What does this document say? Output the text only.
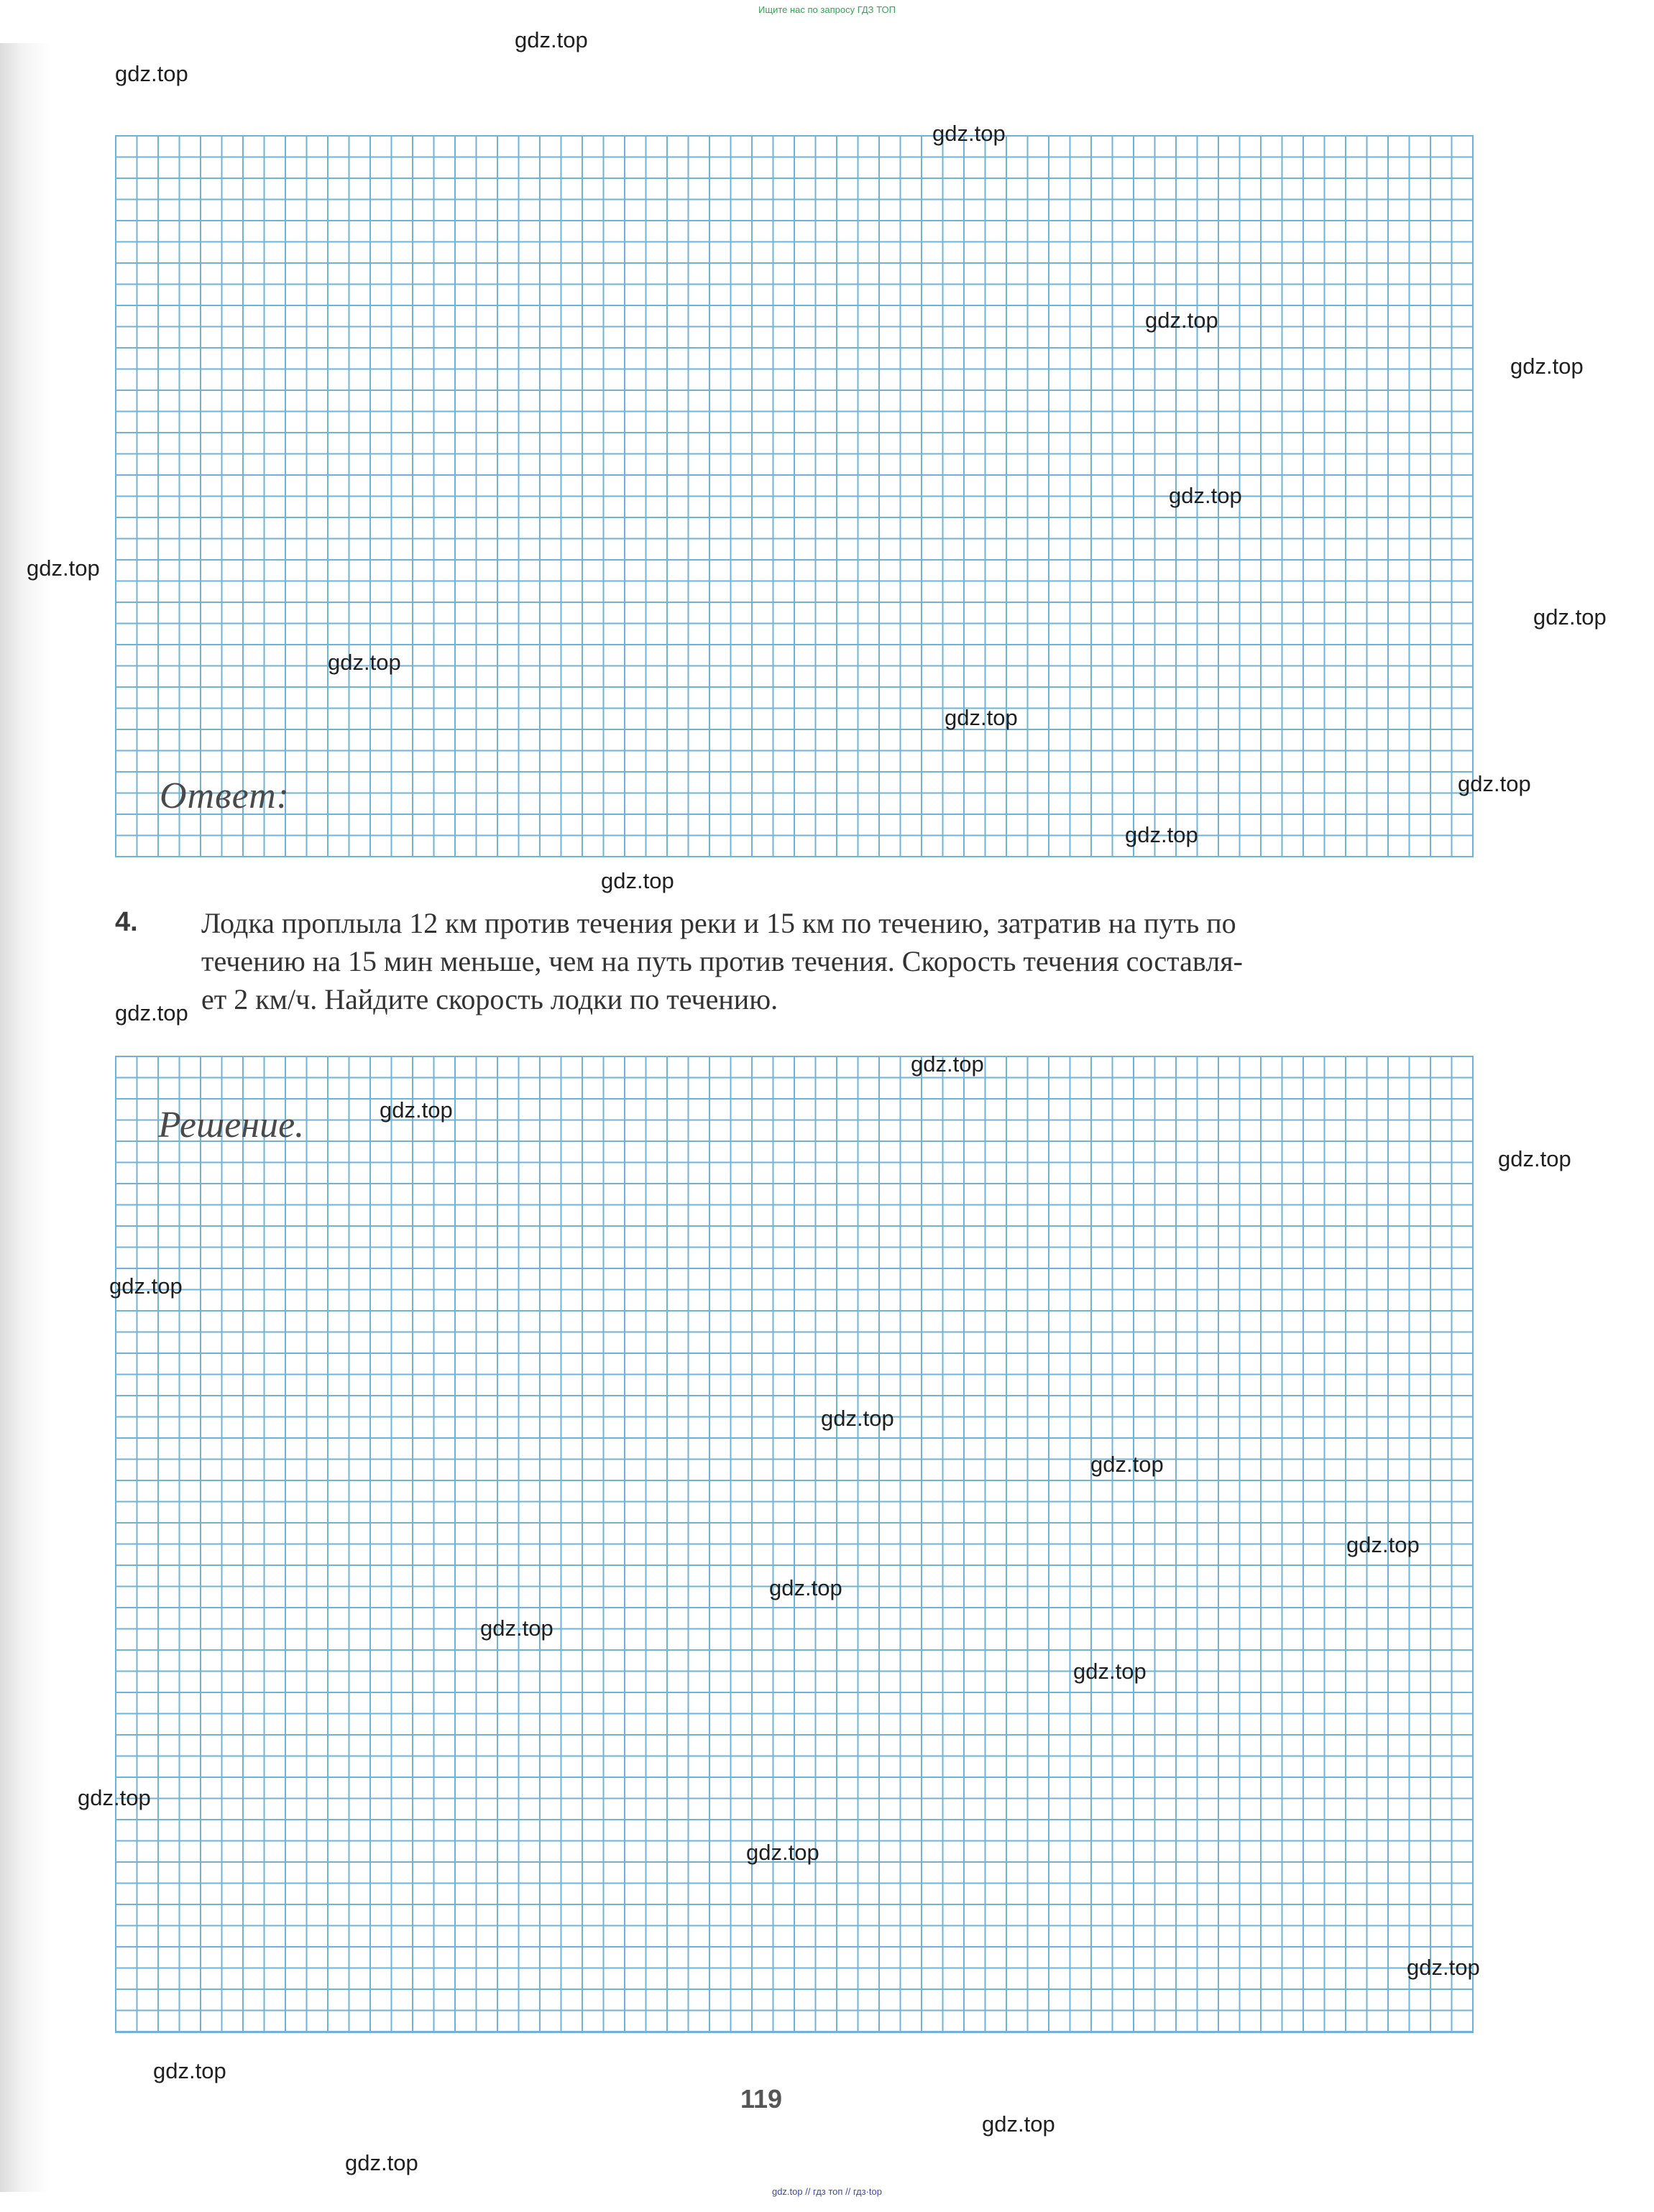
Ищите нас по запросу ГДЗ ТОП
Ответ:
4. Лодка проплыла 12 км против течения реки и 15 км по течению, затратив на путь по
течению на 15 мин меньше, чем на путь против течения. Скорость течения составля-
ет 2 км/ч. Найдите скорость лодки по течению.
Решение.
119
gdz.top // гдз топ // гдз·top
gdz.top
gdz.top
gdz.top
gdz.top
gdz.top
gdz.top
gdz.top
gdz.top
gdz.top
gdz.top
gdz.top
gdz.top
gdz.top
gdz.top
gdz.top
gdz.top
gdz.top
gdz.top
gdz.top
gdz.top
gdz.top
gdz.top
gdz.top
gdz.top
gdz.top
gdz.top
gdz.top
gdz.top
gdz.top
gdz.top
